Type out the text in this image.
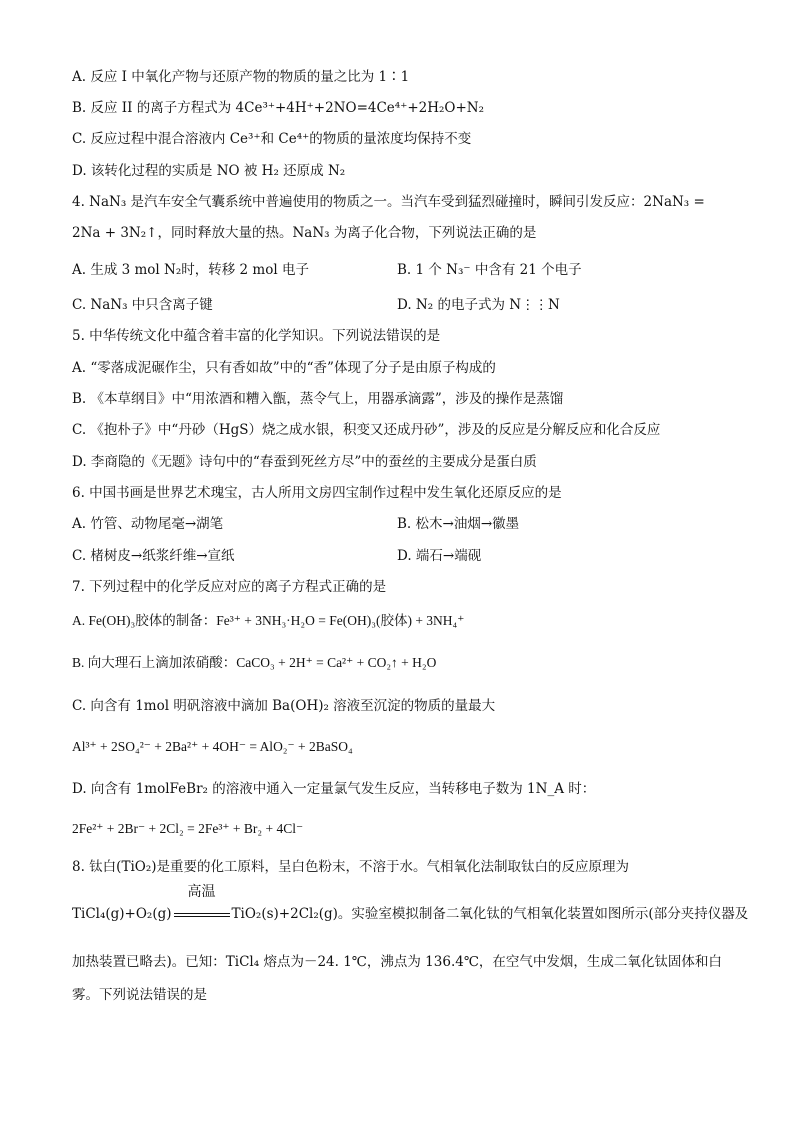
A. 反应 I 中氧化产物与还原产物的物质的量之比为 1∶1
B. 反应 II 的离子方程式为 4Ce³⁺+4H⁺+2NO=4Ce⁴⁺+2H₂O+N₂
C. 反应过程中混合溶液内 Ce³⁺和 Ce⁴⁺的物质的量浓度均保持不变
D. 该转化过程的实质是 NO 被 H₂ 还原成 N₂
4. NaN₃ 是汽车安全气囊系统中普遍使用的物质之一。当汽车受到猛烈碰撞时，瞬间引发反应：2NaN₃ =
2Na + 3N₂↑，同时释放大量的热。NaN₃ 为离子化合物，下列说法正确的是
A. 生成 3 mol N₂时，转移 2 mol 电子	B. 1 个 N₃⁻ 中含有 21 个电子
C. NaN₃ 中只含离子键	D. N₂ 的电子式为 N⋮⋮N
5. 中华传统文化中蕴含着丰富的化学知识。下列说法错误的是
A. “零落成泥碾作尘，只有香如故”中的“香”体现了分子是由原子构成的
B. 《本草纲目》中“用浓酒和糟入甑，蒸令气上，用器承滴露”，涉及的操作是蒸馏
C. 《抱朴子》中“丹砂（HgS）烧之成水银，积变又还成丹砂”，涉及的反应是分解反应和化合反应
D. 李商隐的《无题》诗句中的“春蚕到死丝方尽”中的蚕丝的主要成分是蛋白质
6. 中国书画是世界艺术瑰宝，古人所用文房四宝制作过程中发生氧化还原反应的是
A. 竹管、动物尾毫→湖笔	B. 松木→油烟→徽墨
C. 楮树皮→纸浆纤维→宣纸	D. 端石→端砚
7. 下列过程中的化学反应对应的离子方程式正确的是
A. Fe(OH)₃胶体的制备：Fe³⁺ + 3NH₃·H₂O = Fe(OH)₃(胶体) + 3NH₄⁺
B. 向大理石上滴加浓硝酸：CaCO₃ + 2H⁺ = Ca²⁺ + CO₂↑ + H₂O
C. 向含有 1mol 明矾溶液中滴加 Ba(OH)₂ 溶液至沉淀的物质的量最大
Al³⁺ + 2SO₄²⁻ + 2Ba²⁺ + 4OH⁻ = AlO₂⁻ + 2BaSO₄
D. 向含有 1molFeBr₂ 的溶液中通入一定量氯气发生反应，当转移电子数为 1N_A 时：
2Fe²⁺ + 2Br⁻ + 2Cl₂ = 2Fe³⁺ + Br₂ + 4Cl⁻
8. 钛白(TiO₂)是重要的化工原料，呈白色粉末，不溶于水。气相氧化法制取钛白的反应原理为
TiCl₄(g)+O₂(g)
高温
TiO₂(s)+2Cl₂(g)。实验室模拟制备二氧化钛的气相氧化装置如图所示(部分夹持仪器及
加热装置已略去)。已知：TiCl₄ 熔点为－24. 1℃，沸点为 136.4℃，在空气中发烟，生成二氧化钛固体和白
雾。下列说法错误的是
